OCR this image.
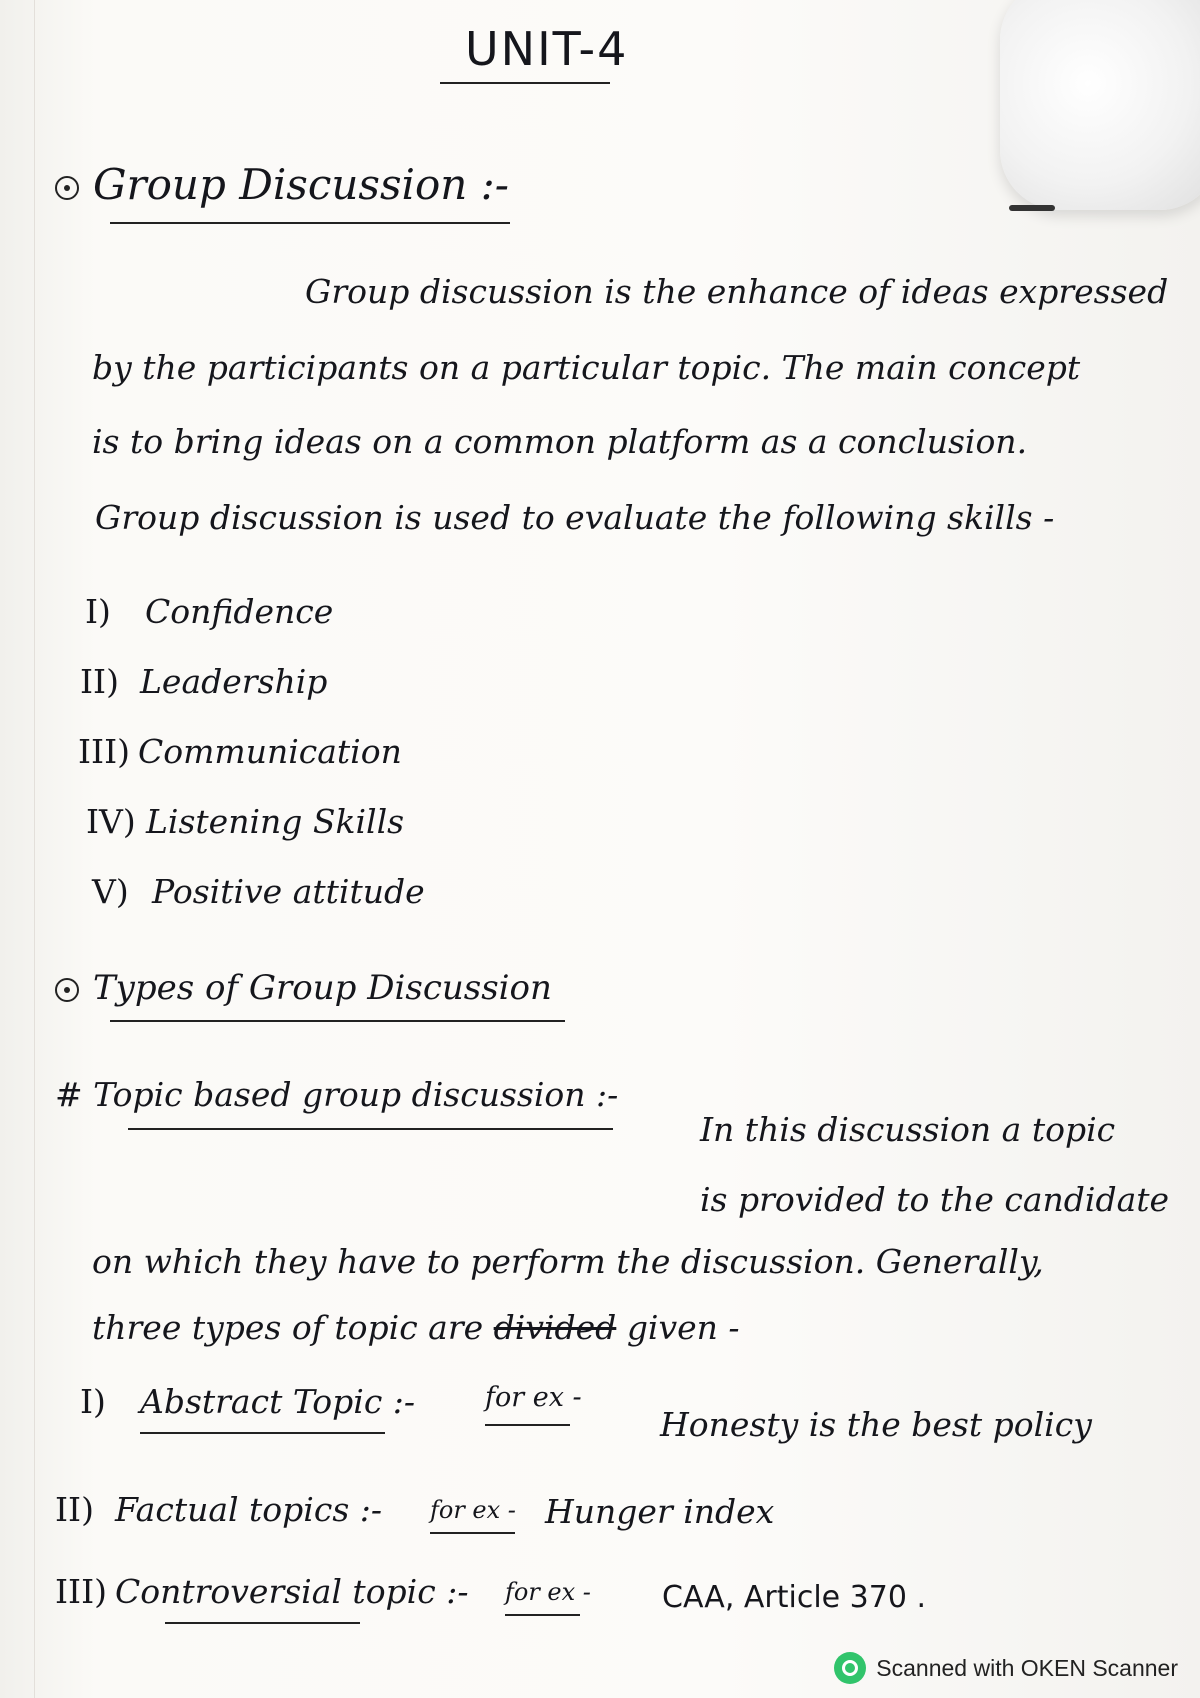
UNIT-4
Group Discussion :-
Group discussion is the enhance of ideas expressed
by the participants on a particular topic. The main concept
is to bring ideas on a common platform as a conclusion.
Group discussion is used to evaluate the following skills -
I) Confidence
II) Leadership
III) Communication
IV) Listening Skills
V) Positive attitude
Types of Group Discussion
# Topic based group discussion :-
In this discussion a topic
is provided to the candidate
on which they have to perform the discussion. Generally,
three types of topic are divided given -
I) Abstract Topic :-	for ex -
Honesty is the best policy
II) Factual topics :- for ex - Hunger index
III) Controversial topic :- for ex - CAA, Article 370 .
Scanned with OKEN Scanner
